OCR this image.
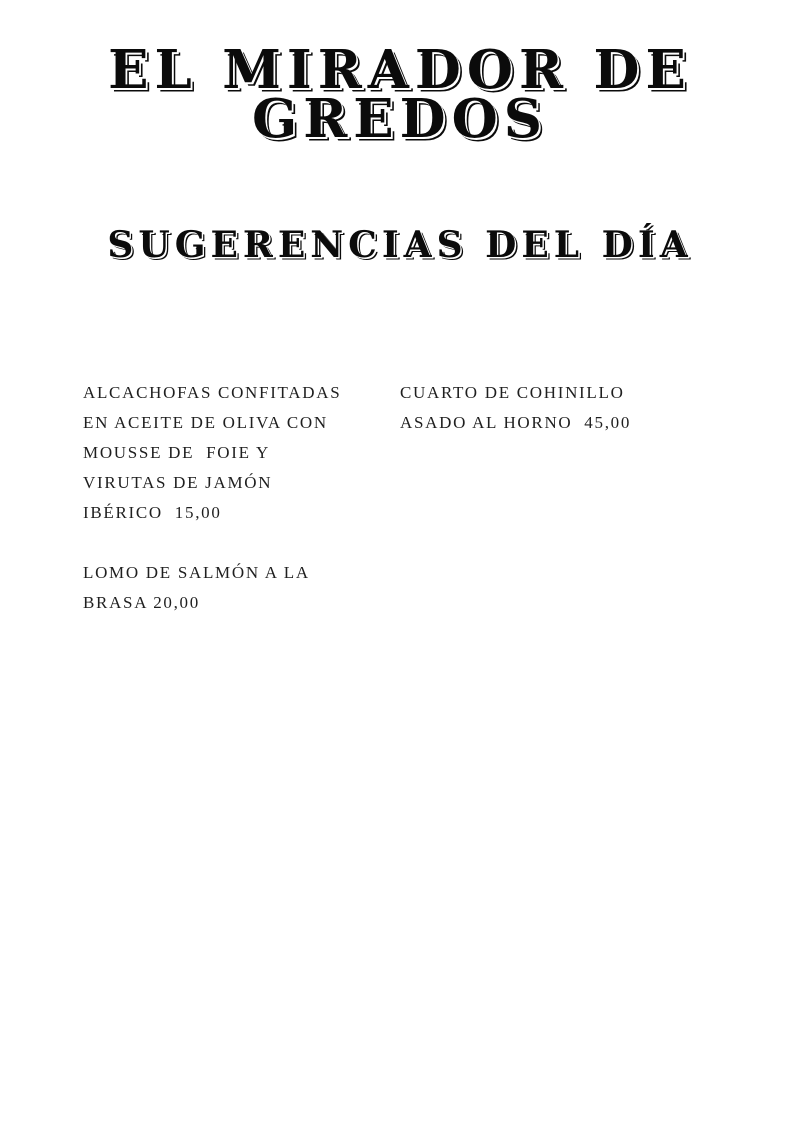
EL MIRADOR DE
GREDOS
SUGERENCIAS DEL DÍA
ALCACHOFAS CONFITADAS
EN ACEITE DE OLIVA CON
MOUSSE DE  FOIE Y
VIRUTAS DE JAMÓN
IBÉRICO  15,00
LOMO DE SALMÓN A LA
BRASA 20,00
CUARTO DE COHINILLO
ASADO AL HORNO  45,00
